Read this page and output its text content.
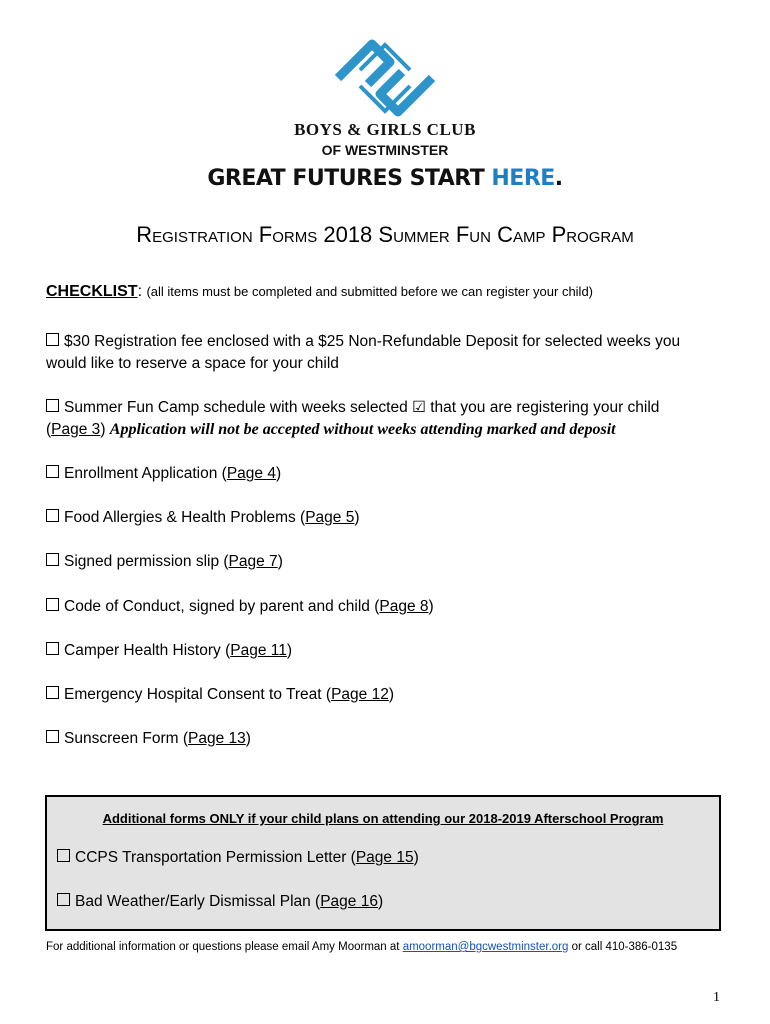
BOYS & GIRLS CLUB
OF WESTMINSTER
GREAT FUTURES START HERE.
Registration Forms 2018 Summer Fun Camp Program
CHECKLIST: (all items must be completed and submitted before we can register your child)
$30 Registration fee enclosed with a $25 Non-Refundable Deposit for selected weeks you
would like to reserve a space for your child
Summer Fun Camp schedule with weeks selected ☑ that you are registering your child
(Page 3) Application will not be accepted without weeks attending marked and deposit
Enrollment Application (Page 4)
Food Allergies & Health Problems (Page 5)
Signed permission slip (Page 7)
Code of Conduct, signed by parent and child (Page 8)
Camper Health History (Page 11)
Emergency Hospital Consent to Treat (Page 12)
Sunscreen Form (Page 13)
Additional forms ONLY if your child plans on attending our 2018-2019 Afterschool Program
CCPS Transportation Permission Letter (Page 15)
Bad Weather/Early Dismissal Plan (Page 16)
For additional information or questions please email Amy Moorman at amoorman@bgcwestminster.org or call 410-386-0135
1
